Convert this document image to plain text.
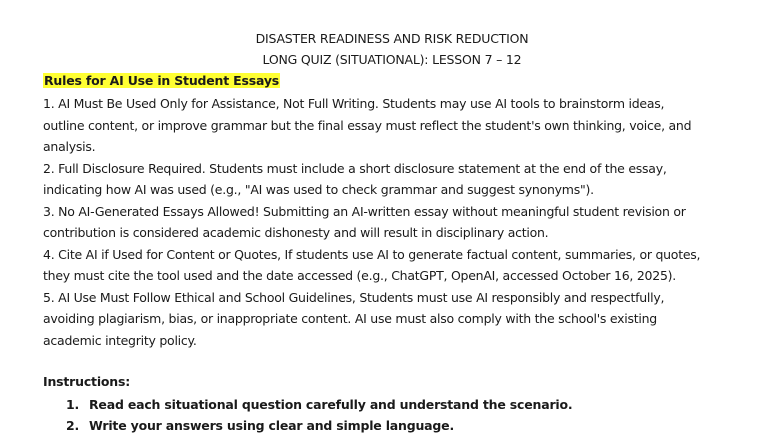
DISASTER READINESS AND RISK REDUCTION
LONG QUIZ (SITUATIONAL): LESSON 7 – 12
Rules for AI Use in Student Essays
1. AI Must Be Used Only for Assistance, Not Full Writing. Students may use AI tools to brainstorm ideas,
outline content, or improve grammar but the final essay must reflect the student's own thinking, voice, and
analysis.
2. Full Disclosure Required. Students must include a short disclosure statement at the end of the essay,
indicating how AI was used (e.g., "AI was used to check grammar and suggest synonyms").
3. No AI-Generated Essays Allowed! Submitting an AI-written essay without meaningful student revision or
contribution is considered academic dishonesty and will result in disciplinary action.
4. Cite AI if Used for Content or Quotes, If students use AI to generate factual content, summaries, or quotes,
they must cite the tool used and the date accessed (e.g., ChatGPT, OpenAI, accessed October 16, 2025).
5. AI Use Must Follow Ethical and School Guidelines, Students must use AI responsibly and respectfully,
avoiding plagiarism, bias, or inappropriate content. AI use must also comply with the school's existing
academic integrity policy.
Instructions:
1. Read each situational question carefully and understand the scenario.
2. Write your answers using clear and simple language.
